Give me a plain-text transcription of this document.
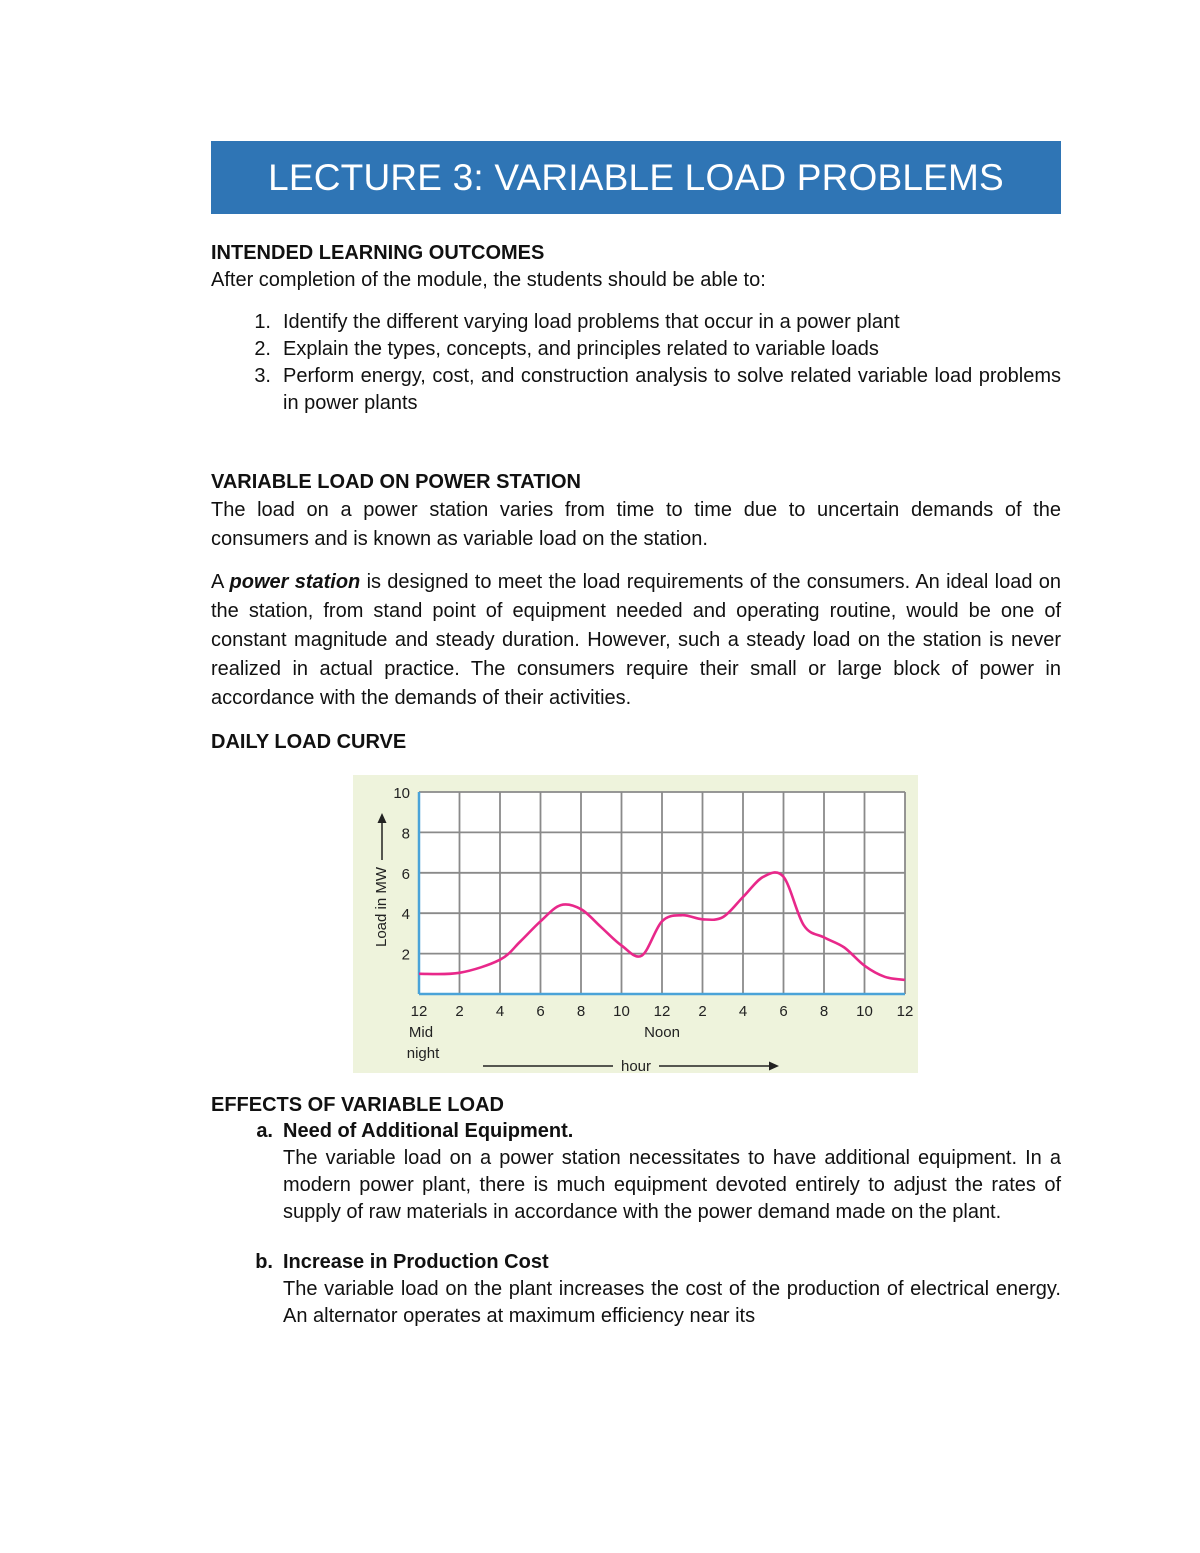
LECTURE 3: VARIABLE LOAD PROBLEMS
INTENDED LEARNING OUTCOMES

After completion of the module, the students should be able to:

1. Identify the different varying load problems that occur in a power plant
2. Explain the types, concepts, and principles related to variable loads
3. Perform energy, cost, and construction analysis to solve related variable load problems in power plants
VARIABLE LOAD ON POWER STATION

The load on a power station varies from time to time due to uncertain demands of the consumers and is known as variable load on the station.

A power station is designed to meet the load requirements of the consumers. An ideal load on the station, from stand point of equipment needed and operating routine, would be one of constant magnitude and steady duration. However, such a steady load on the station is never realized in actual practice. The consumers require their small or large block of power in accordance with the demands of their activities.

DAILY LOAD CURVE
2
4
6
8
10
12 2 4 6 8 10 12 2 4 6 8 10 12
Mid
night
Noon
Load in MW
hour
EFFECTS OF VARIABLE LOAD
a. Need of Additional Equipment.

The variable load on a power station necessitates to have additional equipment. In a modern power plant, there is much equipment devoted entirely to adjust the rates of supply of raw materials in accordance with the power demand made on the plant.

b. Increase in Production Cost

The variable load on the plant increases the cost of the production of electrical energy. An alternator operates at maximum efficiency near its
